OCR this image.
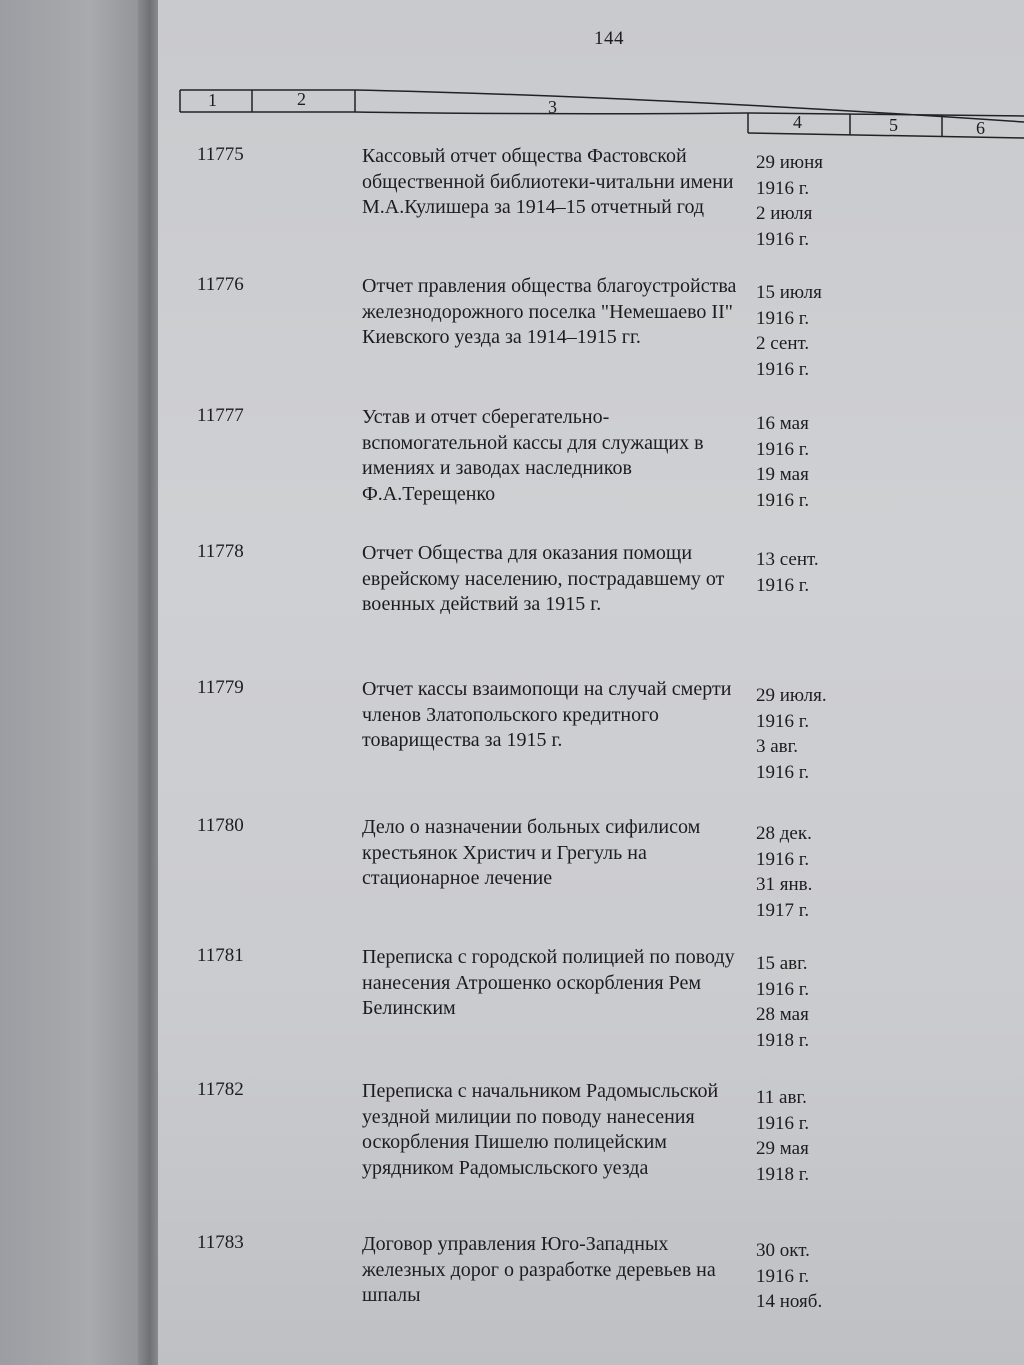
144
1	2	3
4	5	6
11775	Кассовый отчет общества Фастовской общественной библиотеки-читальни имени М.А.Кулишера за 1914–15 отчетный год
29 июня
1916 г.
2 июля
1916 г.
11776	Отчет правления общества благоустройства железнодорожного поселка "Немешаево II" Киевского уезда за 1914–1915 гг.
15 июля
1916 г.
2 сент.
1916 г.
11777	Устав и отчет сберегательно-вспомогательной кассы для служащих в имениях и заводах наследников Ф.А.Терещенко
16 мая
1916 г.
19 мая
1916 г.
11778	Отчет Общества для оказания помощи еврейскому населению, пострадавшему от военных действий за 1915 г.
13 сент.
1916 г.
11779	Отчет кассы взаимопощи на случай смерти членов Златопольского кредитного товарищества за 1915 г.
29 июля.
1916 г.
3 авг.
1916 г.
11780	Дело о назначении больных сифилисом крестьянок Христич и Грегуль на стационарное лечение
28 дек.
1916 г.
31 янв.
1917 г.
11781	Переписка с городской полицией по поводу нанесения Атрошенко оскорбления Рем Белинским
15 авг.
1916 г.
28 мая
1918 г.
11782	Переписка с начальником Радомысльской уездной милиции по поводу нанесения оскорбления Пишелю полицейским урядником Радомысльского уезда
11 авг.
1916 г.
29 мая
1918 г.
11783	Договор управления Юго-Западных железных дорог о разработке деревьев на шпалы
30 окт.
1916 г.
14 нояб.
